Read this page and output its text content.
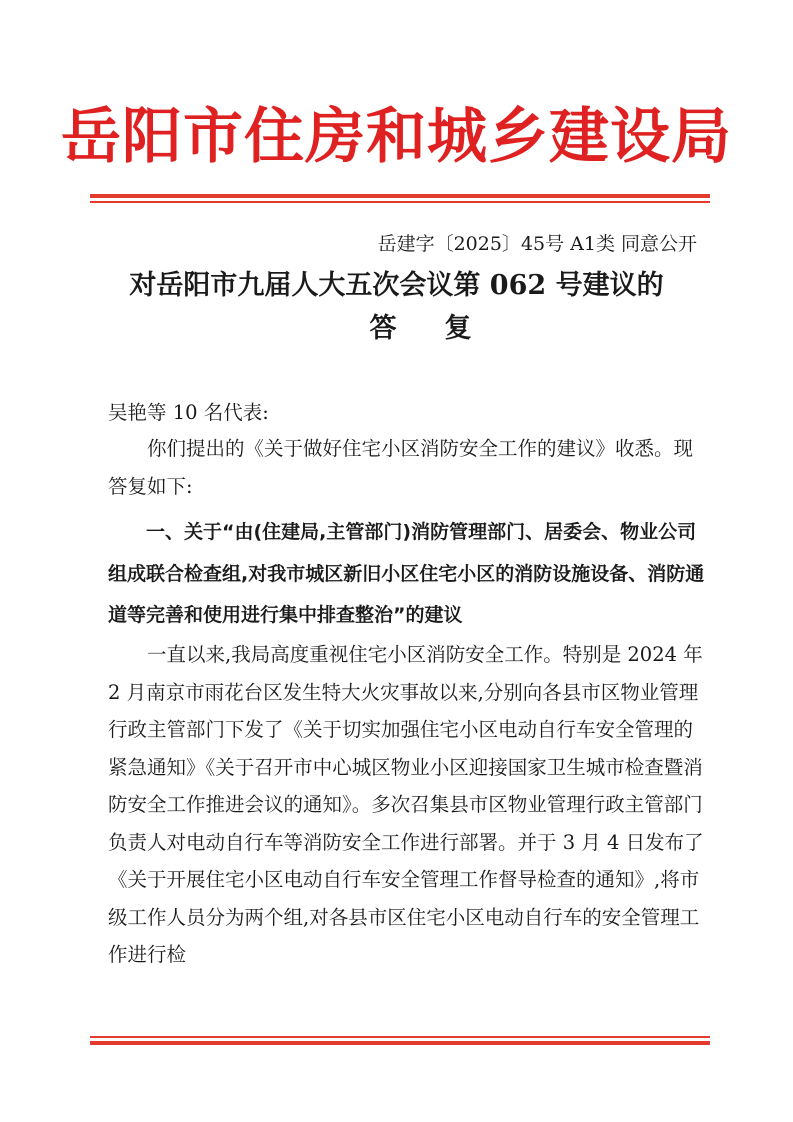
岳阳市住房和城乡建设局
岳建字〔2025〕45号 A1类 同意公开
对岳阳市九届人大五次会议第 062 号建议的
答复

吴艳等 10 名代表:

你们提出的《关于做好住宅小区消防安全工作的建议》收悉。现答复如下:

一、关于“由(住建局,主管部门)消防管理部门、居委会、物业公司组成联合检查组,对我市城区新旧小区住宅小区的消防设施设备、消防通道等完善和使用进行集中排查整治”的建议

一直以来,我局高度重视住宅小区消防安全工作。特别是 2024 年 2 月南京市雨花台区发生特大火灾事故以来,分别向各县市区物业管理行政主管部门下发了《关于切实加强住宅小区电动自行车安全管理的紧急通知》《关于召开市中心城区物业小区迎接国家卫生城市检查暨消防安全工作推进会议的通知》。多次召集县市区物业管理行政主管部门负责人对电动自行车等消防安全工作进行部署。并于 3 月 4 日发布了《关于开展住宅小区电动自行车安全管理工作督导检查的通知》,将市级工作人员分为两个组,对各县市区住宅小区电动自行车的安全管理工作进行检
